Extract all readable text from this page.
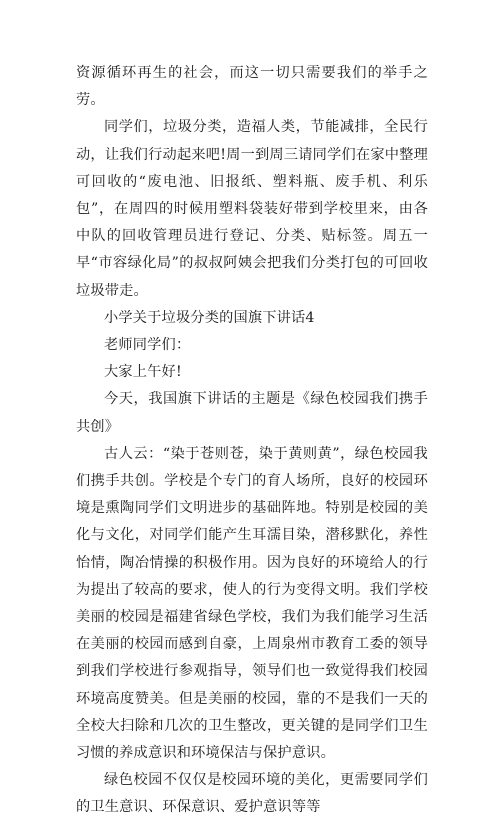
资源循环再生的社会，而这一切只需要我们的举手之劳。

同学们，垃圾分类，造福人类，节能减排，全民行动，让我们行动起来吧!周一到周三请同学们在家中整理可回收的“废电池、旧报纸、塑料瓶、废手机、利乐包”，在周四的时候用塑料袋装好带到学校里来，由各中队的回收管理员进行登记、分类、贴标签。周五一早“市容绿化局”的叔叔阿姨会把我们分类打包的可回收垃圾带走。

小学关于垃圾分类的国旗下讲话4

老师同学们：

大家上午好!

今天，我国旗下讲话的主题是《绿色校园我们携手共创》

古人云：“染于苍则苍，染于黄则黄”，绿色校园我们携手共创。学校是个专门的育人场所，良好的校园环境是熏陶同学们文明进步的基础阵地。特别是校园的美化与文化，对同学们能产生耳濡目染，潜移默化，养性怡情，陶冶情操的积极作用。因为良好的环境给人的行为提出了较高的要求，使人的行为变得文明。我们学校美丽的校园是福建省绿色学校，我们为我们能学习生活在美丽的校园而感到自豪，上周泉州市教育工委的领导到我们学校进行参观指导，领导们也一致觉得我们校园环境高度赞美。但是美丽的校园，靠的不是我们一天的全校大扫除和几次的卫生整改，更关键的是同学们卫生习惯的养成意识和环境保洁与保护意识。

绿色校园不仅仅是校园环境的美化，更需要同学们的卫生意识、环保意识、爱护意识等等
